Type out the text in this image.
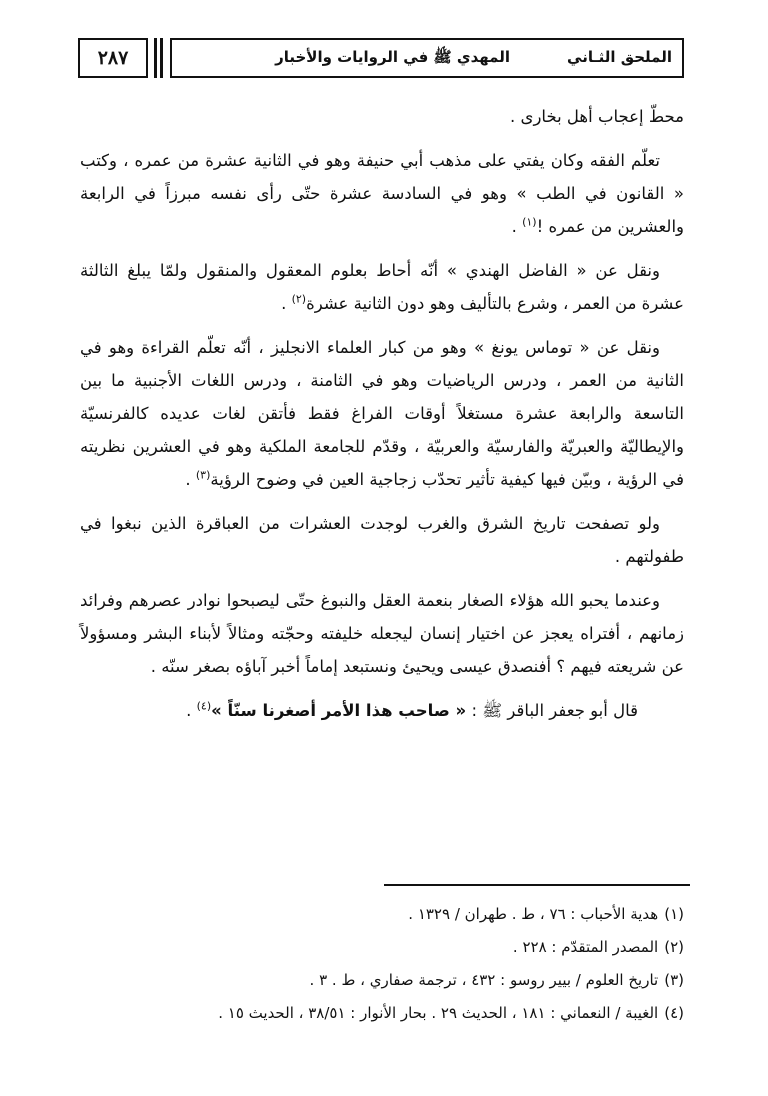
٢٨٧	الملحق الثـاني
المهدي ﷺ في الروايات والأخبار

محطّ إعجاب أهل بخارى .

تعلّم الفقه وكان يفتي على مذهب أبي حنيفة وهو في الثانية عشرة من عمره ، وكتب « القانون في الطب » وهو في السادسة عشرة حتّى رأى نفسه مبرزاً في الرابعة والعشرين من عمره !$^{(١)}$ .

ونقل عن « الفاضل الهندي » أنّه أحاط بعلوم المعقول والمنقول ولمّا يبلغ الثالثة عشرة من العمر ، وشرع بالتأليف وهو دون الثانية عشرة$^{(٢)}$ .

ونقل عن « توماس يونغ » وهو من كبار العلماء الانجليز ، أنّه تعلّم القراءة وهو في الثانية من العمر ، ودرس الرياضيات وهو في الثامنة ، ودرس اللغات الأجنبية ما بين التاسعة والرابعة عشرة مستغلاً أوقات الفراغ فقط فأتقن لغات عديده كالفرنسيّة والإيطاليّة والعبريّة والفارسيّة والعربيّة ، وقدّم للجامعة الملكية وهو في العشرين نظريته في الرؤية ، وبيّن فيها كيفية تأثير تحدّب زجاجية العين في وضوح الرؤية$^{(٣)}$ .

ولو تصفحت تاريخ الشرق والغرب لوجدت العشرات من العباقرة الذين نبغوا في طفولتهم .

وعندما يحبو الله هؤلاء الصغار بنعمة العقل والنبوغ حتّى ليصبحوا نوادر عصرهم وفرائد زمانهم ، أفتراه يعجز عن اختيار إنسان ليجعله خليفته وحجّته ومثالاً لأبناء البشر ومسؤولاً عن شريعته فيهم ؟ أفنصدق عيسى ويحيئ ونستبعد إماماً أخبر آباؤه بصغر سنّه .

قال أبو جعفر الباقر ﷺ : « صاحب هذا الأمر أصغرنا سنّاً »$^{(٤)}$ .

(١)هدية الأحباب : ٧٦ ، ط . طهران / ١٣٢٩ .
(٢)المصدر المتقدّم : ٢٢٨ .
(٣)تاريخ العلوم / بيير روسو : ٤٣٢ ، ترجمة صفاري ، ط . ٣ .
(٤)الغيبة / النعماني : ١٨١ ، الحديث ٢٩ . بحار الأنوار : ٣٨/٥١ ، الحديث ١٥ .
